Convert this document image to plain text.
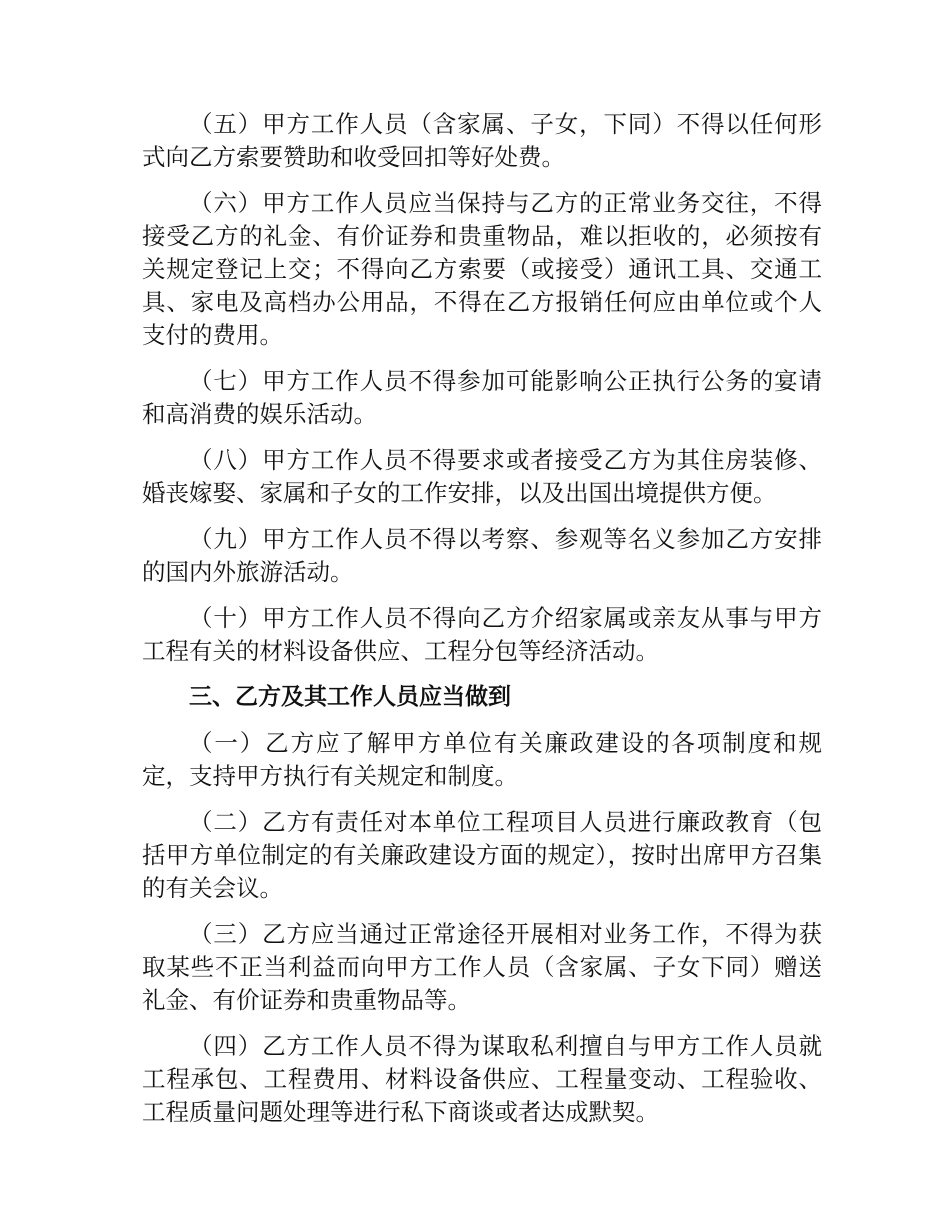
（五）甲方工作人员（含家属、子女，下同）不得以任何形式向乙方索要赞助和收受回扣等好处费。

（六）甲方工作人员应当保持与乙方的正常业务交往，不得接受乙方的礼金、有价证券和贵重物品，难以拒收的，必须按有关规定登记上交；不得向乙方索要（或接受）通讯工具、交通工具、家电及高档办公用品，不得在乙方报销任何应由单位或个人支付的费用。

（七）甲方工作人员不得参加可能影响公正执行公务的宴请和高消费的娱乐活动。

（八）甲方工作人员不得要求或者接受乙方为其住房装修、婚丧嫁娶、家属和子女的工作安排，以及出国出境提供方便。

（九）甲方工作人员不得以考察、参观等名义参加乙方安排的国内外旅游活动。

（十）甲方工作人员不得向乙方介绍家属或亲友从事与甲方工程有关的材料设备供应、工程分包等经济活动。

三、乙方及其工作人员应当做到

（一）乙方应了解甲方单位有关廉政建设的各项制度和规定，支持甲方执行有关规定和制度。

（二）乙方有责任对本单位工程项目人员进行廉政教育（包括甲方单位制定的有关廉政建设方面的规定），按时出席甲方召集的有关会议。

（三）乙方应当通过正常途径开展相对业务工作，不得为获取某些不正当利益而向甲方工作人员（含家属、子女下同）赠送礼金、有价证券和贵重物品等。

（四）乙方工作人员不得为谋取私利擅自与甲方工作人员就工程承包、工程费用、材料设备供应、工程量变动、工程验收、工程质量问题处理等进行私下商谈或者达成默契。
